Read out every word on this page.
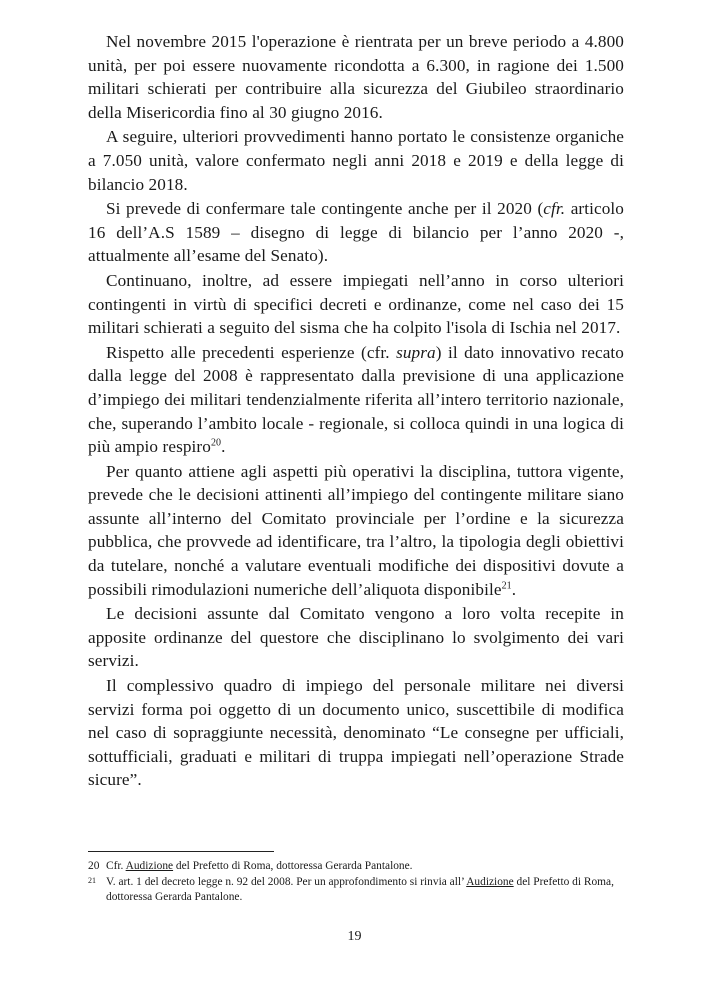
Nel novembre 2015 l'operazione è rientrata per un breve periodo a 4.800 unità, per poi essere nuovamente ricondotta a 6.300, in ragione dei 1.500 militari schierati per contribuire alla sicurezza del Giubileo straordinario della Misericordia fino al 30 giugno 2016.

A seguire, ulteriori provvedimenti hanno portato le consistenze organiche a 7.050 unità, valore confermato negli anni 2018 e 2019 e della legge di bilancio 2018.

Si prevede di confermare tale contingente anche per il 2020 (cfr. articolo 16 dell’A.S 1589 – disegno di legge di bilancio per l’anno 2020 -, attualmente all’esame del Senato).

Continuano, inoltre, ad essere impiegati nell’anno in corso ulteriori contingenti in virtù di specifici decreti e ordinanze, come nel caso dei 15 militari schierati a seguito del sisma che ha colpito l'isola di Ischia nel 2017.

Rispetto alle precedenti esperienze (cfr. supra) il dato innovativo recato dalla legge del 2008 è rappresentato dalla previsione di una applicazione d’impiego dei militari tendenzialmente riferita all’intero territorio nazionale, che, superando l’ambito locale - regionale, si colloca quindi in una logica di più ampio respiro$^{20}$.

Per quanto attiene agli aspetti più operativi la disciplina, tuttora vigente, prevede che le decisioni attinenti all’impiego del contingente militare siano assunte all’interno del Comitato provinciale per l’ordine e la sicurezza pubblica, che provvede ad identificare, tra l’altro, la tipologia degli obiettivi da tutelare, nonché a valutare eventuali modifiche dei dispositivi dovute a possibili rimodulazioni numeriche dell’aliquota disponibile$^{21}$.

Le decisioni assunte dal Comitato vengono a loro volta recepite in apposite ordinanze del questore che disciplinano lo svolgimento dei vari servizi.

Il complessivo quadro di impiego del personale militare nei diversi servizi forma poi oggetto di un documento unico, suscettibile di modifica nel caso di sopraggiunte necessità, denominato “Le consegne per ufficiali, sottufficiali, graduati e militari di truppa impiegati nell’operazione Strade sicure”.

20 Cfr. Audizione del Prefetto di Roma, dottoressa Gerarda Pantalone.
21 V. art. 1 del decreto legge n. 92 del 2008. Per un approfondimento si rinvia all’ Audizione del Prefetto di Roma, dottoressa Gerarda Pantalone.
19
